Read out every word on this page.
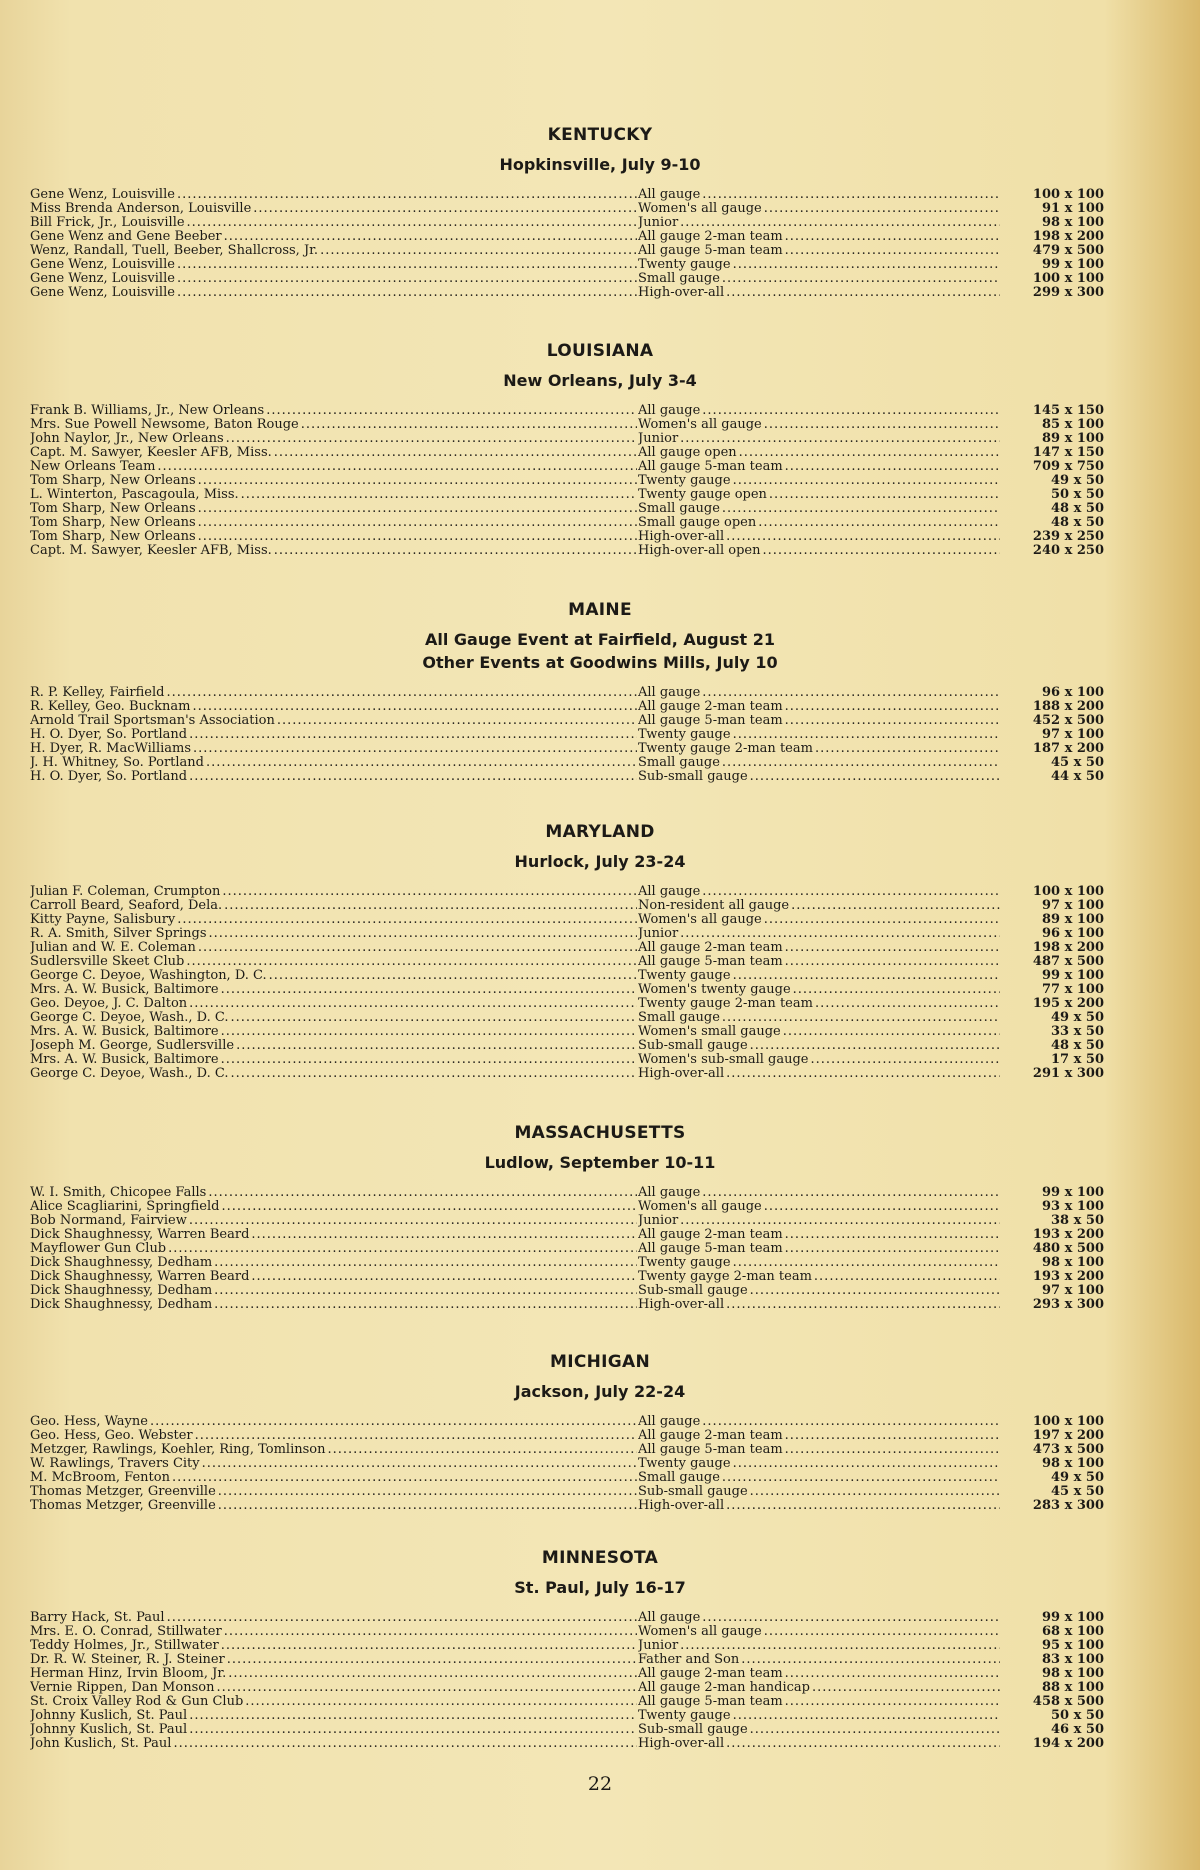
KENTUCKY
Hopkinsville, July 9-10
Gene Wenz, Louisville .....	All gauge .....	100 x 100
Miss Brenda Anderson, Louisville .....	Women's all gauge .....	91 x 100
Bill Frick, Jr., Louisville .....	Junior .....	98 x 100
Gene Wenz and Gene Beeber .....	All gauge 2-man team .....	198 x 200
Wenz, Randall, Tuell, Beeber, Shallcross, Jr. .....	All gauge 5-man team .....	479 x 500
Gene Wenz, Louisville .....	Twenty gauge .....	99 x 100
Gene Wenz, Louisville .....	Small gauge .....	100 x 100
Gene Wenz, Louisville .....	High-over-all .....	299 x 300
LOUISIANA
New Orleans, July 3-4
Frank B. Williams, Jr., New Orleans .....	All gauge .....	145 x 150
Mrs. Sue Powell Newsome, Baton Rouge .....	Women's all gauge .....	85 x 100
John Naylor, Jr., New Orleans .....	Junior .....	89 x 100
Capt. M. Sawyer, Keesler AFB, Miss. .....	All gauge open .....	147 x 150
New Orleans Team .....	All gauge 5-man team .....	709 x 750
Tom Sharp, New Orleans .....	Twenty gauge .....	49 x 50
L. Winterton, Pascagoula, Miss. .....	Twenty gauge open .....	50 x 50
Tom Sharp, New Orleans .....	Small gauge .....	48 x 50
Tom Sharp, New Orleans .....	Small gauge open .....	48 x 50
Tom Sharp, New Orleans .....	High-over-all .....	239 x 250
Capt. M. Sawyer, Keesler AFB, Miss. .....	High-over-all open .....	240 x 250
MAINE
All Gauge Event at Fairfield, August 21
Other Events at Goodwins Mills, July 10
R. P. Kelley, Fairfield .....	All gauge .....	96 x 100
R. Kelley, Geo. Bucknam .....	All gauge 2-man team .....	188 x 200
Arnold Trail Sportsman's Association .....	All gauge 5-man team .....	452 x 500
H. O. Dyer, So. Portland .....	Twenty gauge .....	97 x 100
H. Dyer, R. MacWilliams .....	Twenty gauge 2-man team .....	187 x 200
J. H. Whitney, So. Portland .....	Small gauge .....	45 x 50
H. O. Dyer, So. Portland .....	Sub-small gauge .....	44 x 50
MARYLAND
Hurlock, July 23-24
Julian F. Coleman, Crumpton .....	All gauge .....	100 x 100
Carroll Beard, Seaford, Dela. .....	Non-resident all gauge .....	97 x 100
Kitty Payne, Salisbury .....	Women's all gauge .....	89 x 100
R. A. Smith, Silver Springs .....	Junior .....	96 x 100
Julian and W. E. Coleman .....	All gauge 2-man team .....	198 x 200
Sudlersville Skeet Club .....	All gauge 5-man team .....	487 x 500
George C. Deyoe, Washington, D. C. .....	Twenty gauge .....	99 x 100
Mrs. A. W. Busick, Baltimore .....	Women's twenty gauge .....	77 x 100
Geo. Deyoe, J. C. Dalton .....	Twenty gauge 2-man team .....	195 x 200
George C. Deyoe, Wash., D. C. .....	Small gauge .....	49 x 50
Mrs. A. W. Busick, Baltimore .....	Women's small gauge .....	33 x 50
Joseph M. George, Sudlersville .....	Sub-small gauge .....	48 x 50
Mrs. A. W. Busick, Baltimore .....	Women's sub-small gauge .....	17 x 50
George C. Deyoe, Wash., D. C. .....	High-over-all .....	291 x 300
MASSACHUSETTS
Ludlow, September 10-11
W. I. Smith, Chicopee Falls .....	All gauge .....	99 x 100
Alice Scagliarini, Springfield .....	Women's all gauge .....	93 x 100
Bob Normand, Fairview .....	Junior .....	38 x 50
Dick Shaughnessy, Warren Beard .....	All gauge 2-man team .....	193 x 200
Mayflower Gun Club .....	All gauge 5-man team .....	480 x 500
Dick Shaughnessy, Dedham .....	Twenty gauge .....	98 x 100
Dick Shaughnessy, Warren Beard .....	Twenty gayge 2-man team .....	193 x 200
Dick Shaughnessy, Dedham .....	Sub-small gauge .....	97 x 100
Dick Shaughnessy, Dedham .....	High-over-all .....	293 x 300
MICHIGAN
Jackson, July 22-24
Geo. Hess, Wayne .....	All gauge .....	100 x 100
Geo. Hess, Geo. Webster .....	All gauge 2-man team .....	197 x 200
Metzger, Rawlings, Koehler, Ring, Tomlinson .....	All gauge 5-man team .....	473 x 500
W. Rawlings, Travers City .....	Twenty gauge .....	98 x 100
M. McBroom, Fenton .....	Small gauge .....	49 x 50
Thomas Metzger, Greenville .....	Sub-small gauge .....	45 x 50
Thomas Metzger, Greenville .....	High-over-all .....	283 x 300
MINNESOTA
St. Paul, July 16-17
Barry Hack, St. Paul .....	All gauge .....	99 x 100
Mrs. E. O. Conrad, Stillwater .....	Women's all gauge .....	68 x 100
Teddy Holmes, Jr., Stillwater .....	Junior .....	95 x 100
Dr. R. W. Steiner, R. J. Steiner .....	Father and Son .....	83 x 100
Herman Hinz, Irvin Bloom, Jr. .....	All gauge 2-man team .....	98 x 100
Vernie Rippen, Dan Monson .....	All gauge 2-man handicap .....	88 x 100
St. Croix Valley Rod & Gun Club .....	All gauge 5-man team .....	458 x 500
Johnny Kuslich, St. Paul .....	Twenty gauge .....	50 x 50
Johnny Kuslich, St. Paul .....	Sub-small gauge .....	46 x 50
John Kuslich, St. Paul .....	High-over-all .....	194 x 200
22
